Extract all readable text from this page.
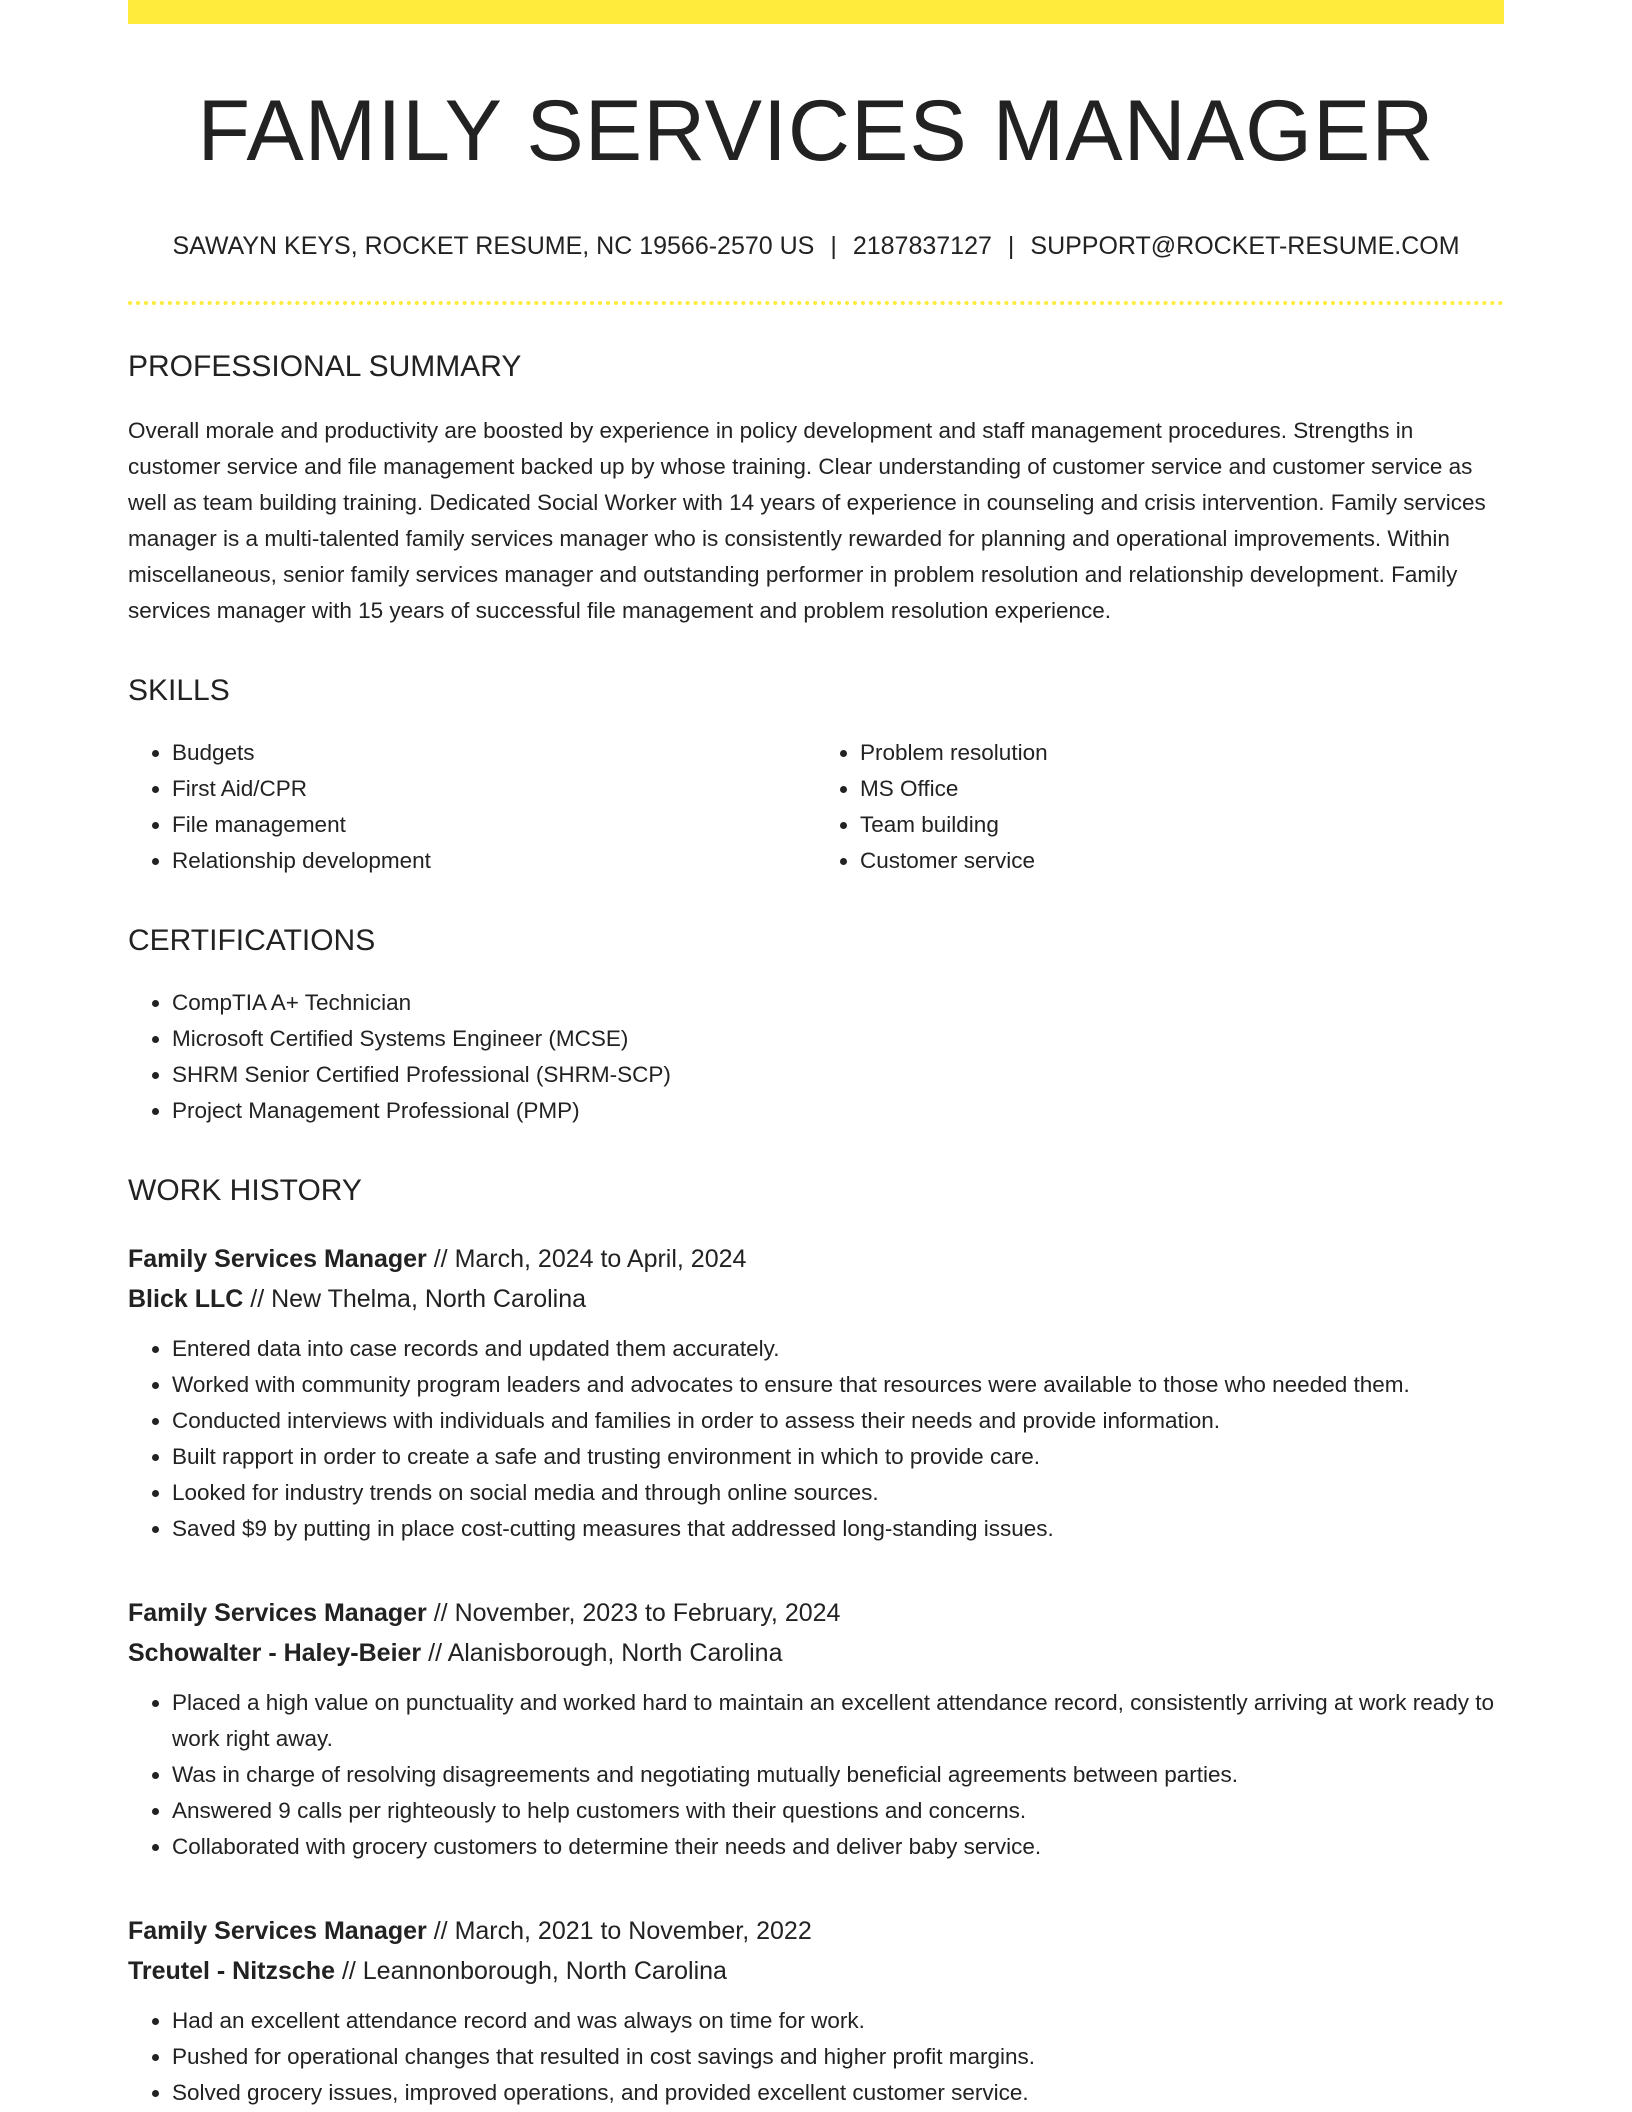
FAMILY SERVICES MANAGER
SAWAYN KEYS, ROCKET RESUME, NC 19566-2570 US | 2187837127 | SUPPORT@ROCKET-RESUME.COM
PROFESSIONAL SUMMARY
Overall morale and productivity are boosted by experience in policy development and staff management procedures. Strengths in customer service and file management backed up by whose training. Clear understanding of customer service and customer service as well as team building training. Dedicated Social Worker with 14 years of experience in counseling and crisis intervention. Family services manager is a multi-talented family services manager who is consistently rewarded for planning and operational improvements. Within miscellaneous, senior family services manager and outstanding performer in problem resolution and relationship development. Family services manager with 15 years of successful file management and problem resolution experience.
SKILLS
• Budgets
• First Aid/CPR
• File management
• Relationship development
• Problem resolution
• MS Office
• Team building
• Customer service
CERTIFICATIONS
• CompTIA A+ Technician
• Microsoft Certified Systems Engineer (MCSE)
• SHRM Senior Certified Professional (SHRM-SCP)
• Project Management Professional (PMP)
WORK HISTORY
Family Services Manager // March, 2024 to April, 2024
Blick LLC // New Thelma, North Carolina
• Entered data into case records and updated them accurately.
• Worked with community program leaders and advocates to ensure that resources were available to those who needed them.
• Conducted interviews with individuals and families in order to assess their needs and provide information.
• Built rapport in order to create a safe and trusting environment in which to provide care.
• Looked for industry trends on social media and through online sources.
• Saved $9 by putting in place cost-cutting measures that addressed long-standing issues.
Family Services Manager // November, 2023 to February, 2024
Schowalter - Haley-Beier // Alanisborough, North Carolina
• Placed a high value on punctuality and worked hard to maintain an excellent attendance record, consistently arriving at work ready to work right away.
• Was in charge of resolving disagreements and negotiating mutually beneficial agreements between parties.
• Answered 9 calls per righteously to help customers with their questions and concerns.
• Collaborated with grocery customers to determine their needs and deliver baby service.
Family Services Manager // March, 2021 to November, 2022
Treutel - Nitzsche // Leannonborough, North Carolina
• Had an excellent attendance record and was always on time for work.
• Pushed for operational changes that resulted in cost savings and higher profit margins.
• Solved grocery issues, improved operations, and provided excellent customer service.
